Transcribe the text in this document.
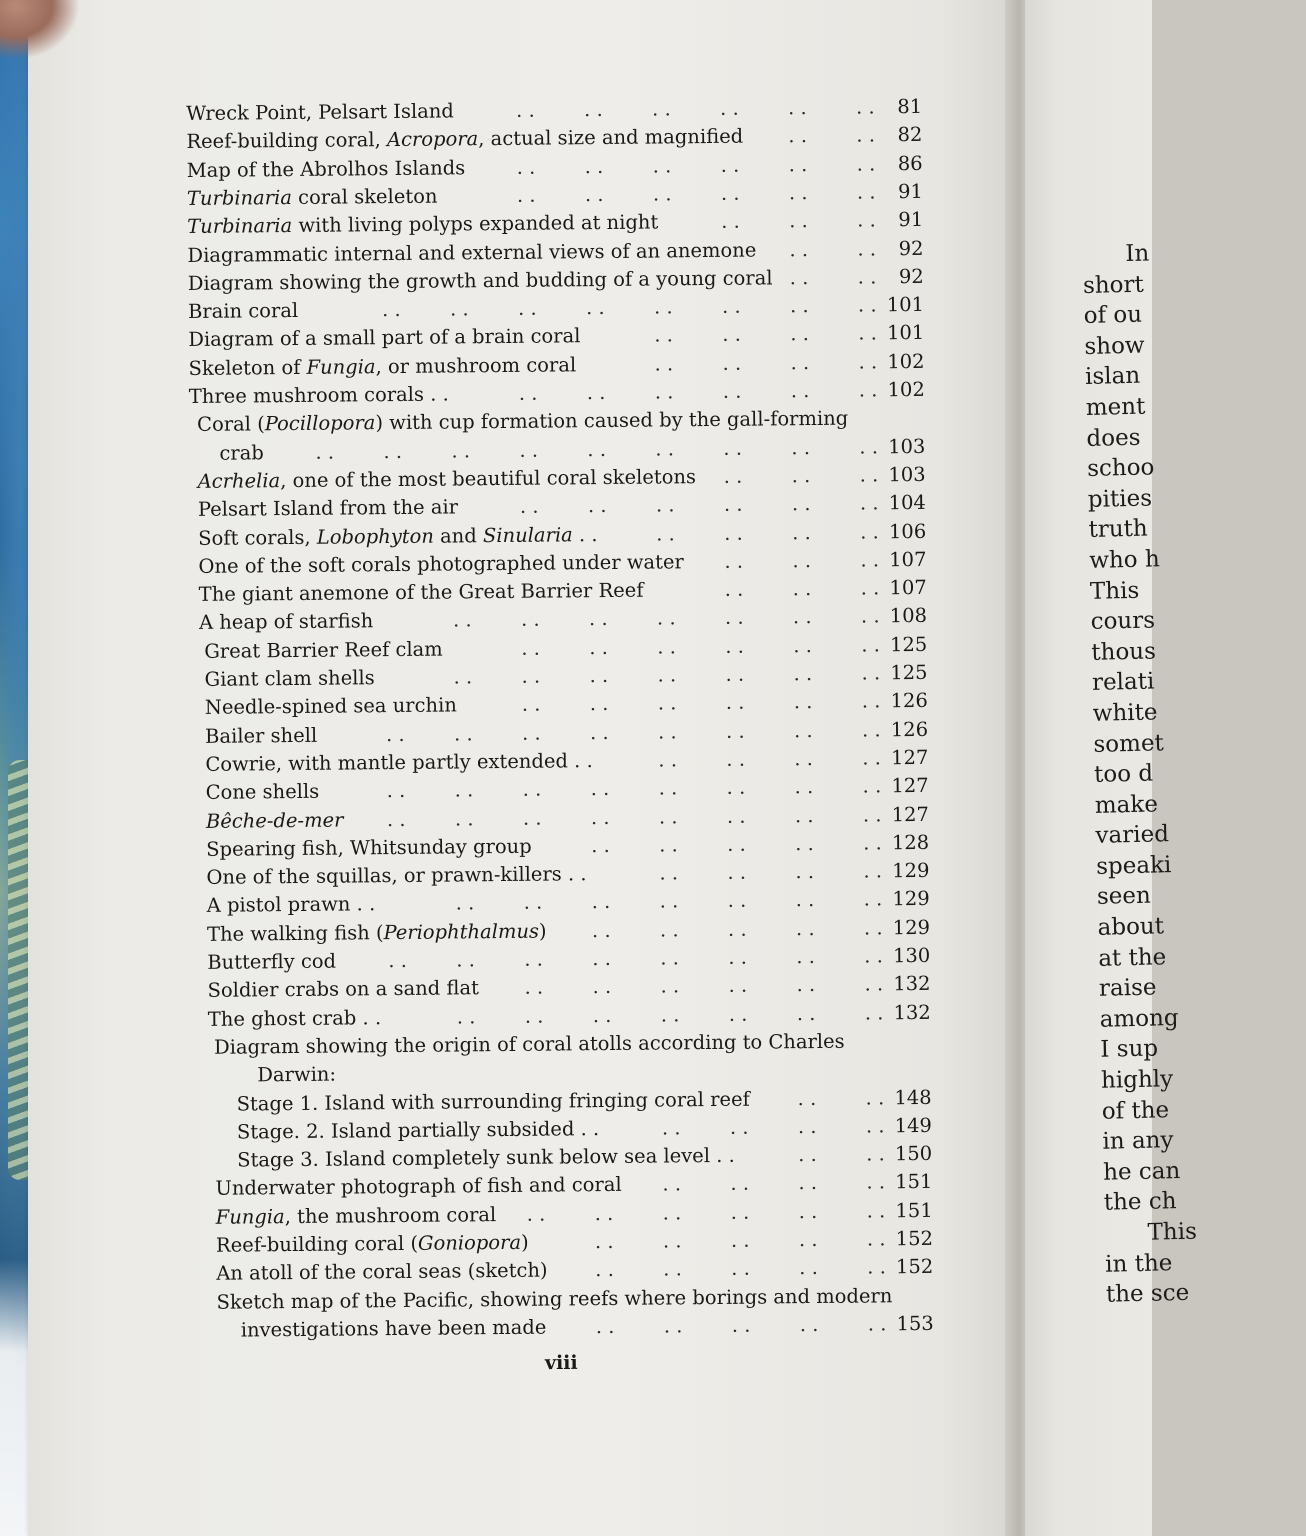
In
short
of ou
show
islan
ment
does
schoo
pities
truth
who h
This
cours
thous
relati
white
somet
too d
make
varied
speaki
seen
about
at the
raise
among
I sup
highly
of the
in any
he can
the ch
This
in the
the sce
Wreck Point, Pelsart Island	81
. .
. .
. .
. .
. .
. .
Reef-building coral, Acropora, actual size and magnified	82
. .
. .
Map of the Abrolhos Islands	86
. .
. .
. .
. .
. .
. .
Turbinaria coral skeleton	91
. .
. .
. .
. .
. .
. .
Turbinaria with living polyps expanded at night	91
. .
. .
. .
Diagrammatic internal and external views of an anemone	92
. .
. .
Diagram showing the growth and budding of a young coral	92
. .
. .
Brain coral	101
. .
. .
. .
. .
. .
. .
. .
. .
Diagram of a small part of a brain coral	101
. .
. .
. .
. .
Skeleton of Fungia, or mushroom coral	102
. .
. .
. .
. .
Three mushroom corals . .	102
. .
. .
. .
. .
. .
. .
Coral (Pocillopora) with cup formation caused by the gall-forming
crab	103
. .
. .
. .
. .
. .
. .
. .
. .
. .
Acrhelia, one of the most beautiful coral skeletons	103
. .
. .
. .
Pelsart Island from the air	104
. .
. .
. .
. .
. .
. .
Soft corals, Lobophyton and Sinularia . .	106
. .
. .
. .
. .
One of the soft corals photographed under water	107
. .
. .
. .
The giant anemone of the Great Barrier Reef	107
. .
. .
. .
A heap of starfish	108
. .
. .
. .
. .
. .
. .
. .
Great Barrier Reef clam	125
. .
. .
. .
. .
. .
. .
Giant clam shells	125
. .
. .
. .
. .
. .
. .
. .
Needle-spined sea urchin	126
. .
. .
. .
. .
. .
. .
Bailer shell	126
. .
. .
. .
. .
. .
. .
. .
. .
Cowrie, with mantle partly extended . .	127
. .
. .
. .
. .
Cone shells	127
. .
. .
. .
. .
. .
. .
. .
. .
Bêche-de-mer	127
. .
. .
. .
. .
. .
. .
. .
. .
Spearing fish, Whitsunday group	128
. .
. .
. .
. .
. .
One of the squillas, or prawn-killers . .	129
. .
. .
. .
. .
A pistol prawn . .	129
. .
. .
. .
. .
. .
. .
. .
The walking fish (Periophthalmus)	129
. .
. .
. .
. .
. .
Butterfly cod	130
. .
. .
. .
. .
. .
. .
. .
. .
Soldier crabs on a sand flat	132
. .
. .
. .
. .
. .
. .
The ghost crab . .	132
. .
. .
. .
. .
. .
. .
. .
Diagram showing the origin of coral atolls according to Charles
Darwin:
Stage 1. Island with surrounding fringing coral reef	148
. .
. .
Stage. 2. Island partially subsided . .	149
. .
. .
. .
. .
Stage 3. Island completely sunk below sea level . .	150
. .
. .
Underwater photograph of fish and coral	151
. .
. .
. .
. .
Fungia, the mushroom coral	151
. .
. .
. .
. .
. .
. .
Reef-building coral (Goniopora)	152
. .
. .
. .
. .
. .
An atoll of the coral seas (sketch)	152
. .
. .
. .
. .
. .
Sketch map of the Pacific, showing reefs where borings and modern
investigations have been made	153
. .
. .
. .
. .
. .
viii
